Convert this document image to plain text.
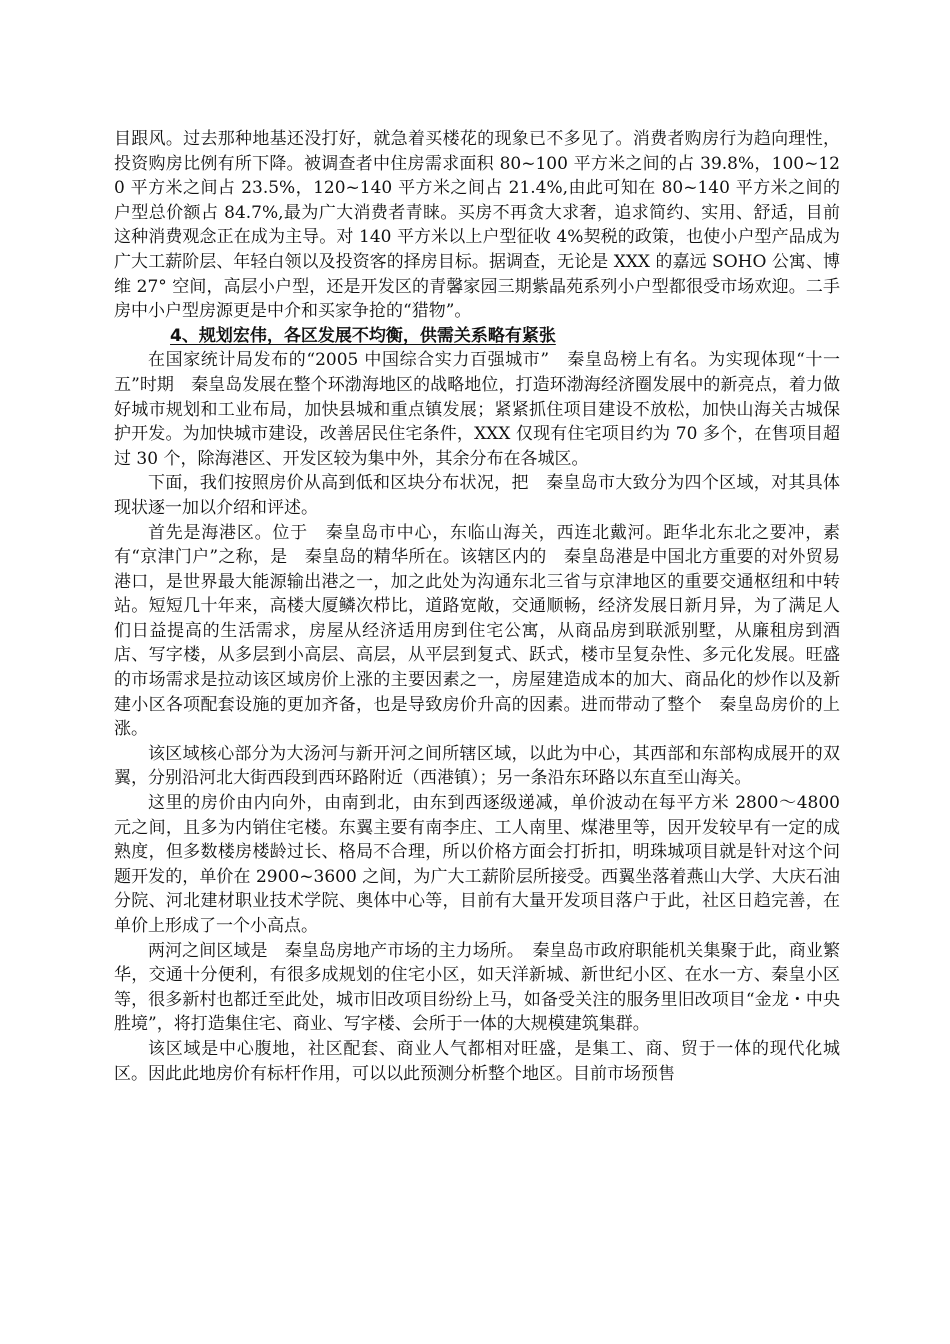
目跟风。过去那种地基还没打好，就急着买楼花的现象已不多见了。消费者购房行为趋向理性，投资购房比例有所下降。被调查者中住房需求面积 80~100 平方米之间的占 39.8%，100~120 平方米之间占 23.5%，120~140 平方米之间占 21.4%,由此可知在 80~140 平方米之间的户型总价额占 84.7%,最为广大消费者青睐。买房不再贪大求奢，追求简约、实用、舒适，目前这种消费观念正在成为主导。对 140 平方米以上户型征收 4%契税的政策，也使小户型产品成为广大工薪阶层、年轻白领以及投资客的择房目标。据调查，无论是 XXX 的嘉远 SOHO 公寓、博维 27° 空间，高层小户型，还是开发区的青馨家园三期紫晶苑系列小户型都很受市场欢迎。二手房中小户型房源更是中介和买家争抢的“猎物”。

4、规划宏伟，各区发展不均衡，供需关系略有紧张

在国家统计局发布的“2005 中国综合实力百强城市”　秦皇岛榜上有名。为实现体现“十一五”时期　秦皇岛发展在整个环渤海地区的战略地位，打造环渤海经济圈发展中的新亮点，着力做好城市规划和工业布局，加快县城和重点镇发展；紧紧抓住项目建设不放松，加快山海关古城保护开发。为加快城市建设，改善居民住宅条件，XXX 仅现有住宅项目约为 70 多个，在售项目超过 30 个，除海港区、开发区较为集中外，其余分布在各城区。

下面，我们按照房价从高到低和区块分布状况，把　秦皇岛市大致分为四个区域，对其具体现状逐一加以介绍和评述。

首先是海港区。位于　秦皇岛市中心，东临山海关，西连北戴河。距华北东北之要冲，素有“京津门户”之称，是　秦皇岛的精华所在。该辖区内的　秦皇岛港是中国北方重要的对外贸易港口，是世界最大能源输出港之一，加之此处为沟通东北三省与京津地区的重要交通枢纽和中转站。短短几十年来，高楼大厦鳞次栉比，道路宽敞，交通顺畅，经济发展日新月异，为了满足人们日益提高的生活需求，房屋从经济适用房到住宅公寓，从商品房到联派别墅，从廉租房到酒店、写字楼，从多层到小高层、高层，从平层到复式、跃式，楼市呈复杂性、多元化发展。旺盛的市场需求是拉动该区域房价上涨的主要因素之一，房屋建造成本的加大、商品化的炒作以及新建小区各项配套设施的更加齐备，也是导致房价升高的因素。进而带动了整个　秦皇岛房价的上涨。

该区域核心部分为大汤河与新开河之间所辖区域，以此为中心，其西部和东部构成展开的双翼，分别沿河北大街西段到西环路附近（西港镇）；另一条沿东环路以东直至山海关。

这里的房价由内向外，由南到北，由东到西逐级递减，单价波动在每平方米 2800～4800 元之间，且多为内销住宅楼。东翼主要有南李庄、工人南里、煤港里等，因开发较早有一定的成熟度，但多数楼房楼龄过长、格局不合理，所以价格方面会打折扣，明珠城项目就是针对这个问题开发的，单价在 2900~3600 之间，为广大工薪阶层所接受。西翼坐落着燕山大学、大庆石油分院、河北建材职业技术学院、奥体中心等，目前有大量开发项目落户于此，社区日趋完善，在单价上形成了一个小高点。

两河之间区域是　秦皇岛房地产市场的主力场所。　秦皇岛市政府职能机关集聚于此，商业繁华，交通十分便利，有很多成规划的住宅小区，如天洋新城、新世纪小区、在水一方、秦皇小区等，很多新村也都迁至此处，城市旧改项目纷纷上马，如备受关注的服务里旧改项目“金龙・中央胜境”，将打造集住宅、商业、写字楼、会所于一体的大规模建筑集群。

该区域是中心腹地，社区配套、商业人气都相对旺盛，是集工、商、贸于一体的现代化城区。因此此地房价有标杆作用，可以以此预测分析整个地区。目前市场预售
